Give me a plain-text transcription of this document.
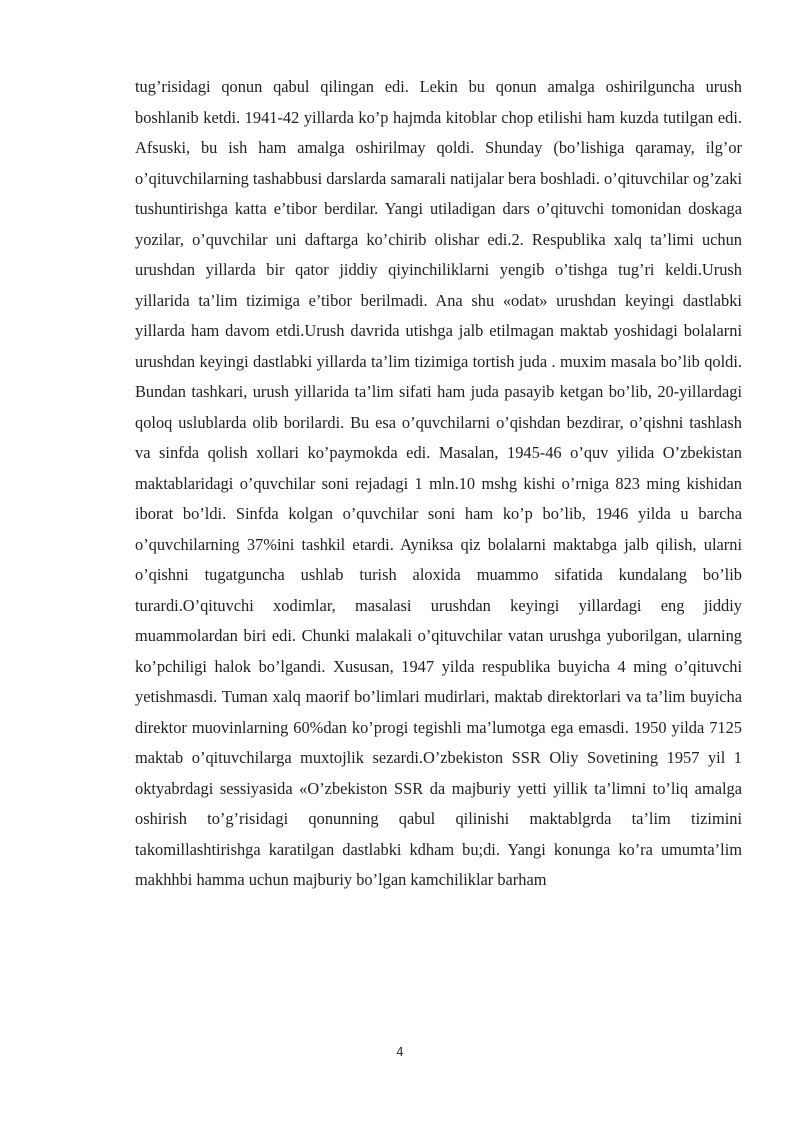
tug’risidagi qonun qabul qilingan edi. Lekin bu qonun amalga oshirilguncha urush boshlanib ketdi. 1941-42 yillarda ko’p hajmda kitoblar chop etilishi ham kuzda tutilgan edi. Afsuski, bu ish ham amalga oshirilmay qoldi. Shunday (bo’lishiga qaramay, ilg’or o’qituvchilarning tashabbusi darslarda samarali natijalar bera boshladi. o’qituvchilar og’zaki tushuntirishga katta e’tibor berdilar. Yangi utiladigan dars o’qituvchi tomonidan doskaga yozilar, o’quvchilar uni daftarga ko’chirib olishar edi.2. Respublika xalq ta’limi uchun urushdan yillarda bir qator jiddiy qiyinchiliklarni yengib o’tishga tug’ri keldi.Urush yillarida ta’lim tizimiga e’tibor berilmadi. Ana shu «odat» urushdan keyingi dastlabki yillarda ham davom etdi.Urush davrida utishga jalb etilmagan maktab yoshidagi bolalarni urushdan keyingi dastlabki yillarda ta’lim tizimiga tortish juda . muxim masala bo’lib qoldi. Bundan tashkari, urush yillarida ta’lim sifati ham juda pasayib ketgan bo’lib, 20-yillardagi qoloq uslublarda olib borilardi. Bu esa o’quvchilarni o’qishdan bezdirar, o’qishni tashlash va sinfda qolish xollari ko’paymokda edi. Masalan, 1945-46 o’quv yilida O’zbekistan maktablaridagi o’quvchilar soni rejadagi 1 mln.10 mshg kishi o’rniga 823 ming kishidan iborat bo’ldi. Sinfda kolgan o’quvchilar soni ham ko’p bo’lib, 1946 yilda u barcha o’quvchilarning 37%ini tashkil etardi. Ayniksa qiz bolalarni maktabga jalb qilish, ularni o’qishni tugatguncha ushlab turish aloxida muammo sifatida kundalang bo’lib turardi.O’qituvchi xodimlar, masalasi urushdan keyingi yillardagi eng jiddiy muammolardan biri edi. Chunki malakali o’qituvchilar vatan urushga yuborilgan, ularning ko’pchiligi halok bo’lgandi. Xususan, 1947 yilda respublika buyicha 4 ming o’qituvchi yetishmasdi. Tuman xalq maorif bo’limlari mudirlari, maktab direktorlari va ta’lim buyicha direktor muovinlarning 60%dan ko’progi tegishli ma’lumotga ega emasdi. 1950 yilda 7125 maktab o’qituvchilarga muxtojlik sezardi.O’zbekiston SSR Oliy Sovetining 1957 yil 1 oktyabrdagi sessiyasida «O’zbekiston SSR da majburiy yetti yillik ta’limni to’liq amalga oshirish to’g’risidagi qonunning qabul qilinishi maktablgrda ta’lim tizimini takomillashtirishga karatilgan dastlabki kdham bu;di. Yangi konunga ko’ra umumta’lim makhhbi hamma uchun majburiy bo’lgan kamchiliklar barham

4
